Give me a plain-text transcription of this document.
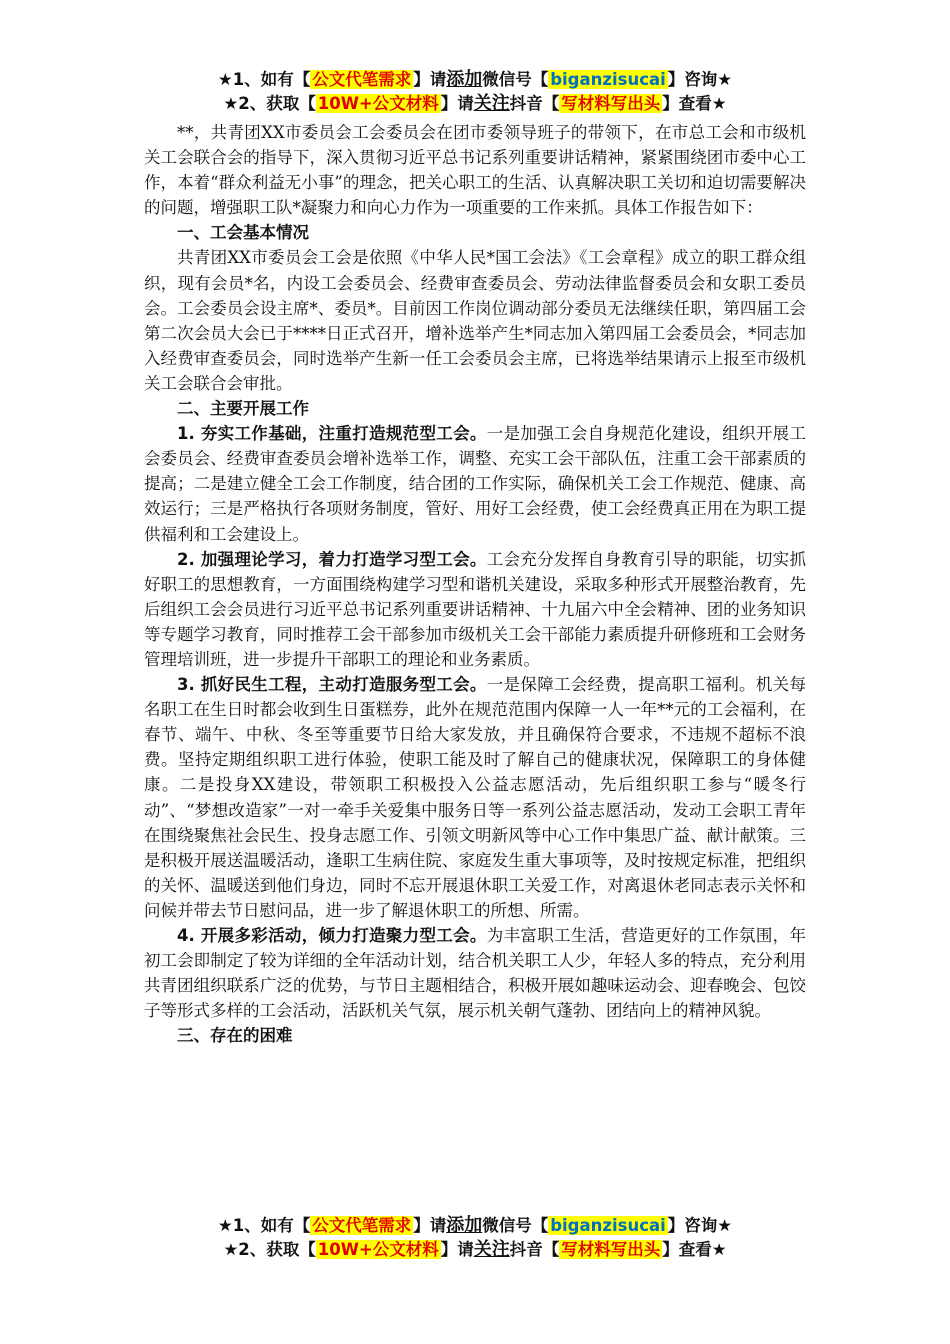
★1、如有【 公文代笔需求 】请添加微信号【 biganzisucai 】咨询★
★2、获取【 10W+公文材料 】请关注抖音【 写材料写出头 】查看★

**，共青团XX市委员会工会委员会在团市委领导班子的带领下，在市总工会和市级机关工会联合会的指导下，深入贯彻习近平总书记系列重要讲话精神，紧紧围绕团市委中心工作，本着“群众利益无小事”的理念，把关心职工的生活、认真解决职工关切和迫切需要解决的问题，增强职工队*凝聚力和向心力作为一项重要的工作来抓。具体工作报告如下：

一、工会基本情况

共青团XX市委员会工会是依照《中华人民*国工会法》《工会章程》成立的职工群众组织，现有会员*名，内设工会委员会、经费审查委员会、劳动法律监督委员会和女职工委员会。工会委员会设主席*、委员*。目前因工作岗位调动部分委员无法继续任职，第四届工会第二次会员大会已于****日正式召开，增补选举产生*同志加入第四届工会委员会，*同志加入经费审查委员会，同时选举产生新一任工会委员会主席，已将选举结果请示上报至市级机关工会联合会审批。

二、主要开展工作

1. 夯实工作基础，注重打造规范型工会。一是加强工会自身规范化建设，组织开展工会委员会、经费审查委员会增补选举工作，调整、充实工会干部队伍，注重工会干部素质的提高；二是建立健全工会工作制度，结合团的工作实际，确保机关工会工作规范、健康、高效运行；三是严格执行各项财务制度，管好、用好工会经费，使工会经费真正用在为职工提供福利和工会建设上。

2. 加强理论学习，着力打造学习型工会。工会充分发挥自身教育引导的职能，切实抓好职工的思想教育，一方面围绕构建学习型和谐机关建设，采取多种形式开展整治教育，先后组织工会会员进行习近平总书记系列重要讲话精神、十九届六中全会精神、团的业务知识等专题学习教育，同时推荐工会干部参加市级机关工会干部能力素质提升研修班和工会财务管理培训班，进一步提升干部职工的理论和业务素质。

3. 抓好民生工程，主动打造服务型工会。一是保障工会经费，提高职工福利。机关每名职工在生日时都会收到生日蛋糕券，此外在规范范围内保障一人一年**元的工会福利，在春节、端午、中秋、冬至等重要节日给大家发放，并且确保符合要求，不违规不超标不浪费。坚持定期组织职工进行体验，使职工能及时了解自己的健康状况，保障职工的身体健康。二是投身XX建设，带领职工积极投入公益志愿活动，先后组织职工参与“暖冬行动”、“梦想改造家”一对一牵手关爱集中服务日等一系列公益志愿活动，发动工会职工青年在围绕聚焦社会民生、投身志愿工作、引领文明新风等中心工作中集思广益、献计献策。三是积极开展送温暖活动，逢职工生病住院、家庭发生重大事项等，及时按规定标准，把组织的关怀、温暖送到他们身边，同时不忘开展退休职工关爱工作，对离退休老同志表示关怀和问候并带去节日慰问品，进一步了解退休职工的所想、所需。

4. 开展多彩活动，倾力打造聚力型工会。为丰富职工生活，营造更好的工作氛围，年初工会即制定了较为详细的全年活动计划，结合机关职工人少，年轻人多的特点，充分利用共青团组织联系广泛的优势，与节日主题相结合，积极开展如趣味运动会、迎春晚会、包饺子等形式多样的工会活动，活跃机关气氛，展示机关朝气蓬勃、团结向上的精神风貌。

三、存在的困难

★1、如有【 公文代笔需求 】请添加微信号【 biganzisucai 】咨询★
★2、获取【 10W+公文材料 】请关注抖音【 写材料写出头 】查看★
